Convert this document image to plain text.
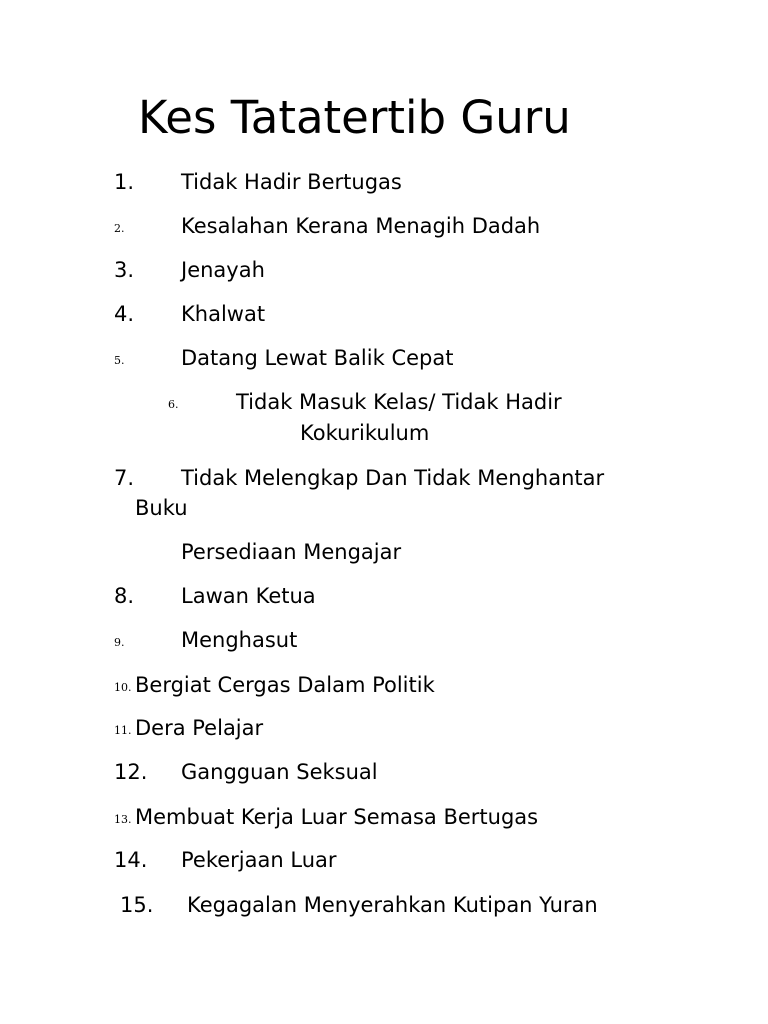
Kes Tatatertib Guru
1. Tidak Hadir Bertugas
2.	Kesalahan Kerana Menagih Dadah
3. Jenayah
4. Khalwat
5.	Datang Lewat Balik Cepat
6.	Tidak Masuk Kelas/ Tidak Hadir
Kokurikulum
7. Tidak Melengkap Dan Tidak Menghantar
Buku
Persediaan Mengajar
8. Lawan Ketua
9.	Menghasut
10. Bergiat Cergas Dalam Politik
11. Dera Pelajar
12. Gangguan Seksual
13. Membuat Kerja Luar Semasa Bertugas
14. Pekerjaan Luar
15. Kegagalan Menyerahkan Kutipan Yuran
